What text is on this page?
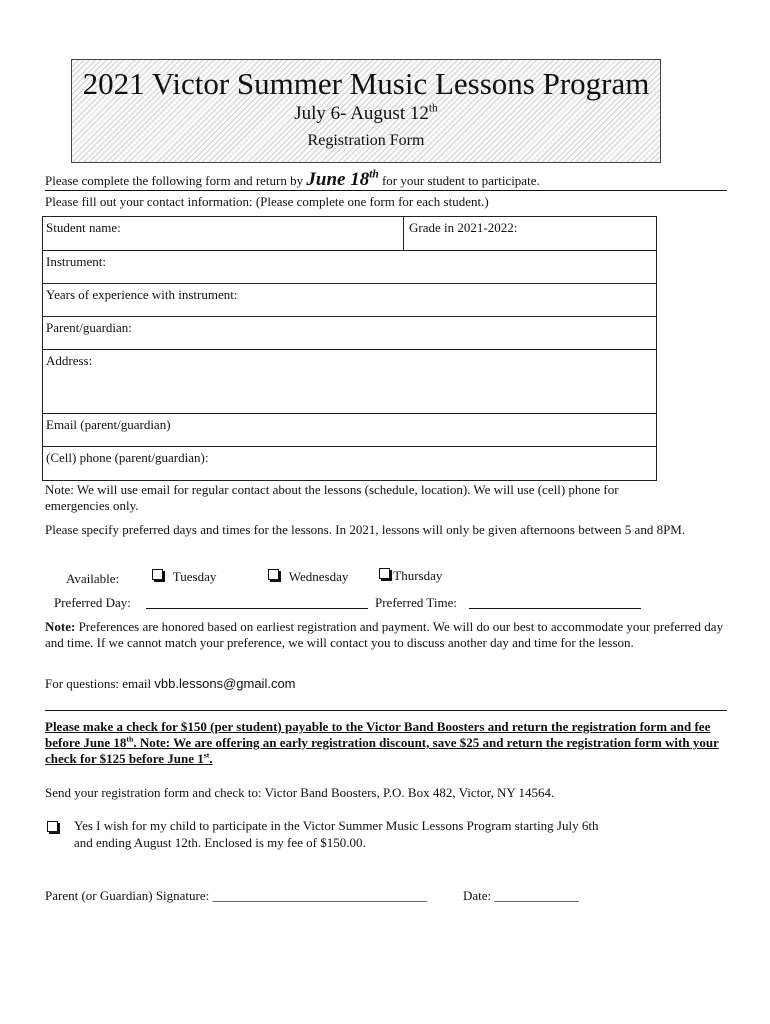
2021 Victor Summer Music Lessons Program
July 6- August 12th
Registration Form
Please complete the following form and return by June 18th for your student to participate.
Please fill out your contact information: (Please complete one form for each student.)
Student name:	Grade in 2021-2022:
Instrument:
Years of experience with instrument:
Parent/guardian:
Address:
Email (parent/guardian)
(Cell) phone (parent/guardian):
Note: We will use email for regular contact about the lessons (schedule, location). We will use (cell) phone for emergencies only.
Please specify preferred days and times for the lessons. In 2021, lessons will only be given afternoons between 5 and 8PM.
Available:	Tuesday	Wednesday	Thursday
Preferred Day:	Preferred Time:
Note: Preferences are honored based on earliest registration and payment. We will do our best to accommodate your preferred day and time. If we cannot match your preference, we will contact you to discuss another day and time for the lesson.
For questions: email vbb.lessons@gmail.com
Please make a check for $150 (per student) payable to the Victor Band Boosters and return the registration form and fee before June 18th. Note: We are offering an early registration discount, save $25 and return the registration form with your check for $125 before June 1st.
Send your registration form and check to: Victor Band Boosters, P.O. Box 482, Victor, NY 14564.
Yes I wish for my child to participate in the Victor Summer Music Lessons Program starting July 6th
and ending August 12th. Enclosed is my fee of $150.00.
Parent (or Guardian) Signature: _________________________________	Date: _____________
